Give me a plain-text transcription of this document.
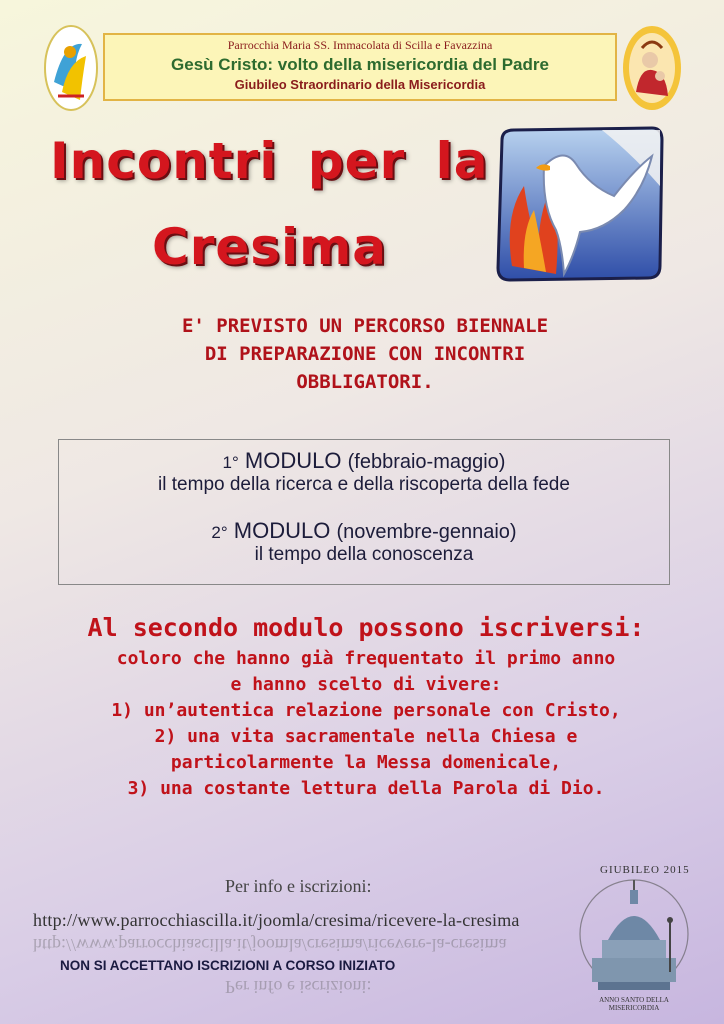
Parrocchia Maria SS. Immacolata di Scilla e Favazzina
Gesù Cristo: volto della misericordia del Padre
Giubileo Straordinario della Misericordia
Incontri per la
Cresima
E' PREVISTO UN PERCORSO BIENNALE
DI PREPARAZIONE CON INCONTRI
OBBLIGATORI.
1° MODULO (febbraio-maggio)
il tempo della ricerca e della riscoperta della fede
2° MODULO (novembre-gennaio)
il tempo della conoscenza
Al secondo modulo possono iscriversi:
coloro che hanno già frequentato il primo anno
e hanno scelto di vivere:
1) un’autentica relazione personale con Cristo,
2) una vita sacramentale nella Chiesa e
particolarmente la Messa domenicale,
3) una costante lettura della Parola di Dio.
Per info e iscrizioni:
http://www.parrocchiascilla.it/joomla/cresima/ricevere-la-cresima
http://www.parrocchiascilla.it/joomla/cresima/ricevere-la-cresima
NON SI ACCETTANO ISCRIZIONI A CORSO INIZIATO
Per info e iscrizioni:
GIUBILEO 2015
ANNO SANTO DELLA MISERICORDIA
